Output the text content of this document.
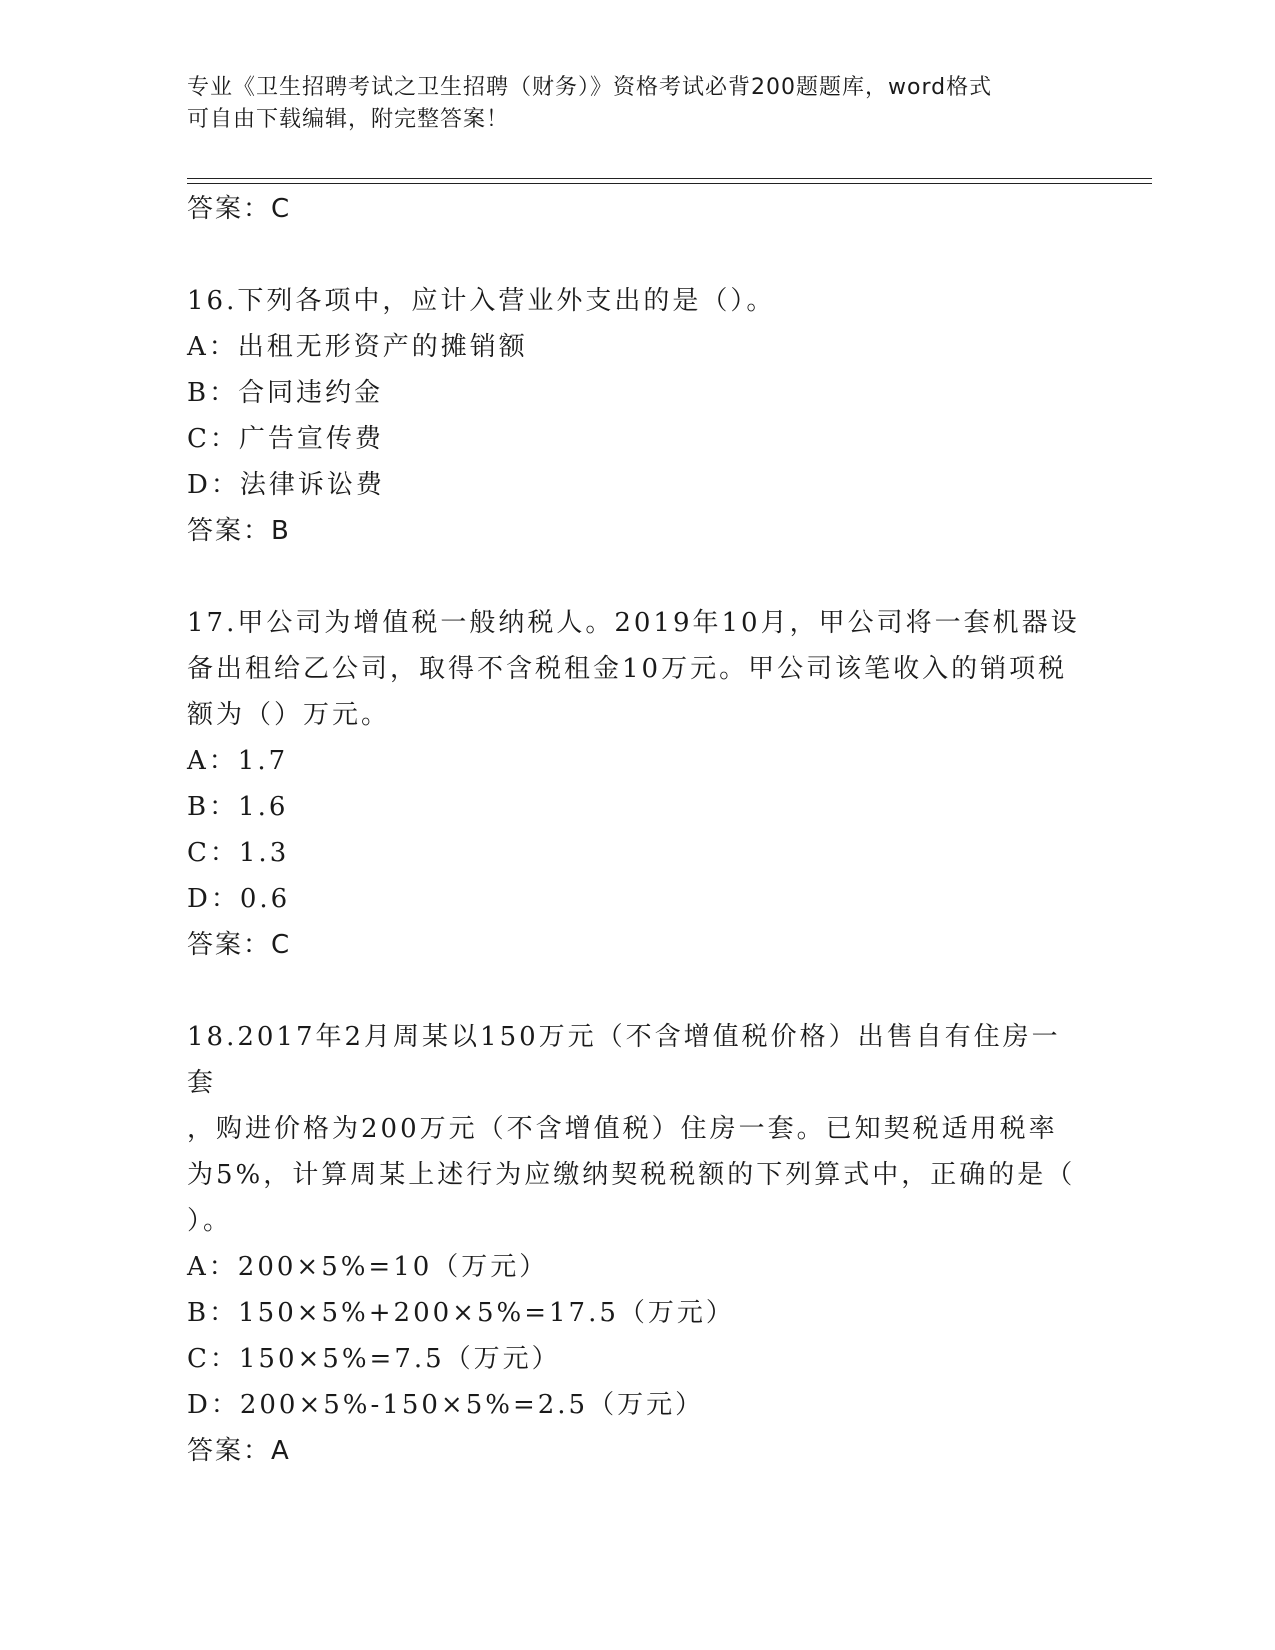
专业《卫生招聘考试之卫生招聘（财务）》资格考试必背200题题库，word格式
可自由下载编辑，附完整答案！
答案：C
16.下列各项中，应计入营业外支出的是（）。
A：出租无形资产的摊销额
B：合同违约金
C：广告宣传费
D：法律诉讼费
答案：B
17.甲公司为增值税一般纳税人。2019年10月，甲公司将一套机器设
备出租给乙公司，取得不含税租金10万元。甲公司该笔收入的销项税
额为（）万元。
A：1.7
B：1.6
C：1.3
D：0.6
答案：C
18.2017年2月周某以150万元（不含增值税价格）出售自有住房一套
，购进价格为200万元（不含增值税）住房一套。已知契税适用税率
为5%，计算周某上述行为应缴纳契税税额的下列算式中，正确的是（
）。
A：200×5%=10（万元）
B：150×5%+200×5%=17.5（万元）
C：150×5%=7.5（万元）
D：200×5%-150×5%=2.5（万元）
答案：A
